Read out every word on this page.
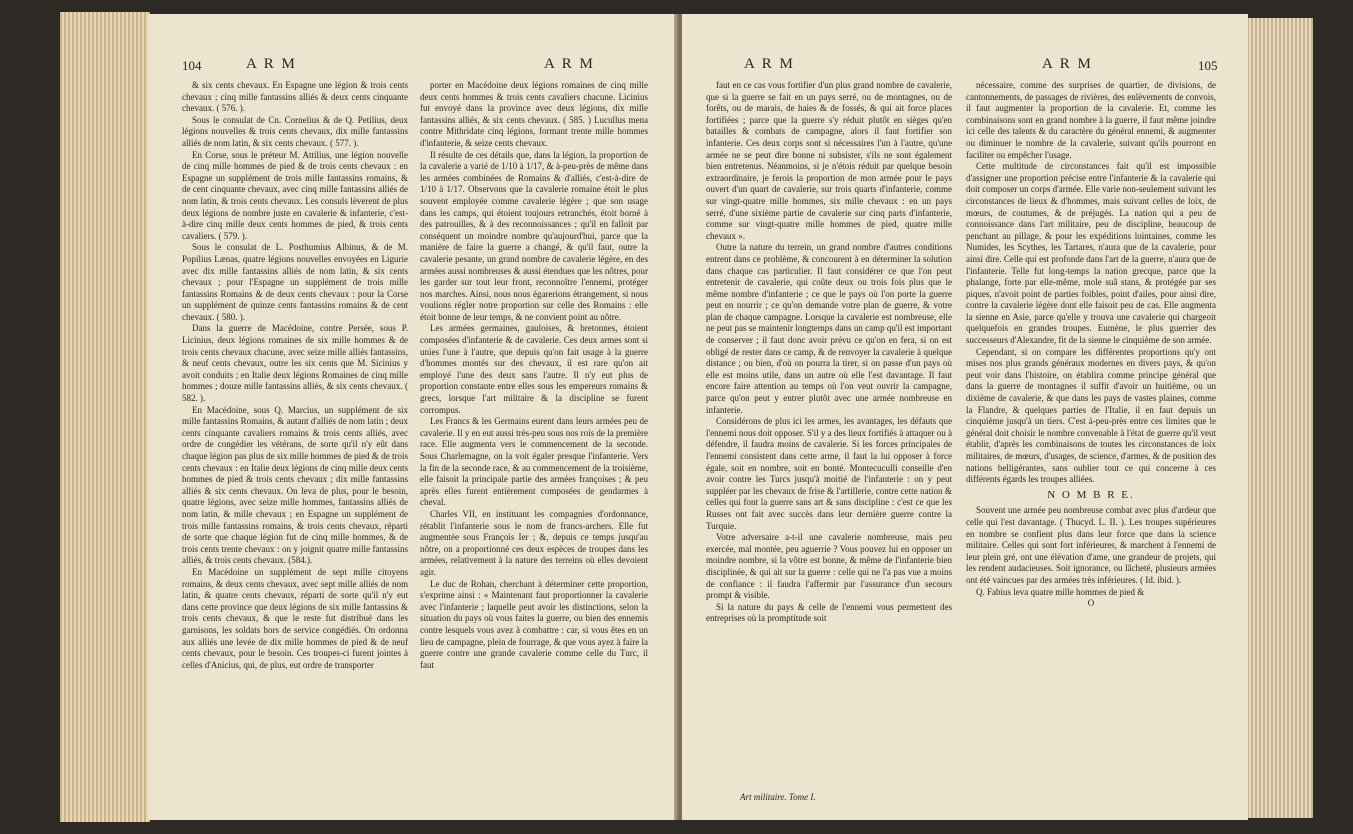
104	A R M	A R M

& six cents chevaux. En Espagne une légion & trois cents chevaux ; cinq mille fantassins alliés & deux cents cinquante chevaux. ( 576. ).

Sous le consulat de Cn. Cornelius & de Q. Petilius, deux légions nouvelles & trois cents chevaux, dix mille fantassins alliés de nom latin, & six cents chevaux. ( 577. ).

En Corse, sous le préteur M. Attilius, une légion nouvelle de cinq mille hommes de pied & de trois cents chevaux : en Espagne un supplément de trois mille fantassins romains, & de cent cinquante chevaux, avec cinq mille fantassins alliés de nom latin, & trois cents chevaux. Les consuls lèverent de plus deux légions de nombre juste en cavalerie & infanterie, c'est-à-dire cinq mille deux cents hommes de pied, & trois cents cavaliers. ( 579. ).

Sous le consulat de L. Posthumius Albinus, & de M. Popilius Lænas, quatre légions nouvelles envoyées en Ligurie avec dix mille fantassins alliés de nom latin, & six cents chevaux ; pour l'Espagne un supplément de trois mille fantassins Romains & de deux cents chevaux : pour la Corse un supplément de quinze cents fantassins romains & de cent chevaux. ( 580. ).

Dans la guerre de Macédoine, contre Persée, sous P. Licinius, deux légions romaines de six mille hommes & de trois cents chevaux chacune, avec seize mille alliés fantassins, & neuf cents chevaux, outre les six cents que M. Sicinius y avoit conduits ; en Italie deux légions Romaines de cinq mille hommes ; douze mille fantassins alliés, & six cents chevaux. ( 582. ).

En Macédoine, sous Q. Marcius, un supplément de six mille fantassins Romains, & autant d'alliés de nom latin ; deux cents cinquante cavaliers romains & trois cents alliés, avec ordre de congédier les vétérans, de sorte qu'il n'y eût dans chaque légion pas plus de six mille hommes de pied & de trois cents chevaux : en Italie deux légions de cinq mille deux cents hommes de pied & trois cents chevaux ; dix mille fantassins alliés & six cents chevaux. On leva de plus, pour le besoin, quatre légions, avec seize mille hommes, fantassins alliés de nom latin, & mille chevaux ; en Espagne un supplément de trois mille fantassins romains, & trois cents chevaux, réparti de sorte que chaque légion fut de cinq mille hommes, & de trois cents trente chevaux : on y joignit quatre mille fantassins alliés, & trois cents chevaux. (584.).

En Macédoine un supplément de sept mille citoyens romains, & deux cents chevaux, avec sept mille alliés de nom latin, & quatre cents chevaux, réparti de sorte qu'il n'y eut dans cette province que deux légions de six mille fantassins & trois cents chevaux, & que le reste fut distribué dans les garnisons, les soldats hors de service congédiés. On ordonna aux alliés une levée de dix mille hommes de pied & de neuf cents chevaux, pour le besoin. Ces troupes-ci furent jointes à celles d'Anicius, qui, de plus, eut ordre de transporter

porter en Macédoine deux légions romaines de cinq mille deux cents hommes & trois cents cavaliers chacune. Licinius fut envoyé dans la province avec deux légions, dix mille fantassins alliés, & six cents chevaux. ( 585. ) Lucullus mena contre Mithridate cinq légions, formant trente mille hommes d'infanterie, & seize cents chevaux.

Il résulte de ces détails que, dans la légion, la proportion de la cavalerie a varié de 1/10 à 1/17, & à-peu-près de même dans les armées combinées de Romains & d'alliés, c'est-à-dire de 1/10 à 1/17. Observons que la cavalerie romaine étoit le plus souvent employée comme cavalerie légère ; que son usage dans les camps, qui étoient toujours retranchés, étoit borné à des patrouilles, & à des reconnoissances ; qu'il en falloit par conséquent un moindre nombre qu'aujourd'hui, parce que la manière de faire la guerre a changé, & qu'il faut, outre la cavalerie pesante, un grand nombre de cavalerie légère, en des armées aussi nombreuses & aussi étendues que les nôtres, pour les garder sur tout leur front, reconnoître l'ennemi, protéger nos marches. Ainsi, nous nous égarerions étrangement, si nous voulions régler notre proportion sur celle des Romains : elle étoit bonne de leur temps, & ne convient point au nôtre.

Les armées germaines, gauloises, & bretonnes, étoient composées d'infanterie & de cavalerie. Ces deux armes sont si unies l'une à l'autre, que depuis qu'on fait usage à la guerre d'hommes montés sur des chevaux, il est rare qu'on ait employé l'une des deux sans l'autre. Il n'y eut plus de proportion constante entre elles sous les empereurs romains & grecs, lorsque l'art militaire & la discipline se furent corrompus.

Les Francs & les Germains eurent dans leurs armées peu de cavalerie. Il y en eut aussi très-peu sous nos rois de la première race. Elle augmenta vers le commencement de la seconde. Sous Charlemagne, on la voit égaler presque l'infanterie. Vers la fin de la seconde race, & au commencement de la troisième, elle faisoit la principale partie des armées françoises ; & peu après elles furent entièrement composées de gendarmes à cheval.

Charles VII, en instituant les compagnies d'ordonnance, rétablit l'infanterie sous le nom de francs-archers. Elle fut augmentée sous François Ier ; &, depuis ce temps jusqu'au nôtre, on a proportionné ces deux espèces de troupes dans les armées, relativement à la nature des terreins où elles devoient agir.

Le duc de Rohan, cherchant à déterminer cette proportion, s'exprime ainsi : « Maintenant faut proportionner la cavalerie avec l'infanterie ; laquelle peut avoir les distinctions, selon la situation du pays où vous faites la guerre, ou bien des ennemis contre lesquels vous avez à combattre : car, si vous êtes en un lieu de campagne, plein de fourrage, & que vous ayez à faire la guerre contre une grande cavalerie comme celle du Turc, il faut

A R M	A R M	105

faut en ce cas vous fortifier d'un plus grand nombre de cavalerie, que si la guerre se fait en un pays serré, ou de montagnes, ou de forêts, ou de marais, de haies & de fossés, & qui ait force places fortifiées ; parce que la guerre s'y réduit plutôt en sièges qu'en batailles & combats de campagne, alors il faut fortifier son infanterie. Ces deux corps sont si nécessaires l'un à l'autre, qu'une armée ne se peut dire bonne ni subsister, s'ils ne sont également bien entretenus. Néanmoins, si je n'étois réduit par quelque besoin extraordinaire, je ferois la proportion de mon armée pour le pays ouvert d'un quart de cavalerie, sur trois quarts d'infanterie, comme sur vingt-quatre mille hommes, six mille chevaux : en un pays serré, d'une sixième partie de cavalerie sur cinq parts d'infanterie, comme sur vingt-quatre mille hommes de pied, quatre mille chevaux ».

Outre la nature du terrein, un grand nombre d'autres conditions entrent dans ce problème, & concourent à en déterminer la solution dans chaque cas particulier. Il faut considérer ce que l'on peut entretenir de cavalerie, qui coûte deux ou trois fois plus que le même nombre d'infanterie ; ce que le pays où l'on porte la guerre peut en nourrir ; ce qu'on demande votre plan de guerre, & votre plan de chaque campagne. Lorsque la cavalerie est nombreuse, elle ne peut pas se maintenir longtemps dans un camp qu'il est important de conserver ; il faut donc avoir prévu ce qu'on en fera, si on est obligé de rester dans ce camp, & de renvoyer la cavalerie à quelque distance ; ou bien, d'où on pourra la tirer, si on passe d'un pays où elle est moins utile, dans un autre où elle l'est davantage. Il faut encore faire attention au temps où l'on veut ouvrir la campagne, parce qu'on peut y entrer plutôt avec une armée nombreuse en infanterie.

Considérons de plus ici les armes, les avantages, les défauts que l'ennemi nous doit opposer. S'il y a des lieux fortifiés à attaquer ou à défendre, il faudra moins de cavalerie. Si les forces principales de l'ennemi consistent dans cette arme, il faut la lui opposer à force égale, soit en nombre, soit en bonté. Montecuculli conseille d'en avoir contre les Turcs jusqu'à moitié de l'infanterie : on y peut suppléer par les chevaux de frise & l'artillerie, contre cette nation & celles qui font la guerre sans art & sans discipline : c'est ce que les Russes ont fait avec succès dans leur dernière guerre contre la Turquie.

Votre adversaire a-t-il une cavalerie nombreuse, mais peu exercée, mal montée, peu aguerrie ? Vous pouvez lui en opposer un moindre nombre, si la vôtre est bonne, & même de l'infanterie bien disciplinée, & qui ait sur la guerre : celle qui ne l'a pas vue a moins de confiance : il faudra l'affermir par l'assurance d'un secours prompt & visible.

Si la nature du pays & celle de l'ennemi vous permettent des entreprises où la promptitude soit

Art militaire. Tome I.

nécessaire, comme des surprises de quartier, de divisions, de cantonnements, de passages de rivières, des enlèvements de convois, il faut augmenter la proportion de la cavalerie. Et, comme les combinaisons sont en grand nombre à la guerre, il faut même joindre ici celle des talents & du caractère du général ennemi, & augmenter ou diminuer le nombre de la cavalerie, suivant qu'ils pourront en faciliter ou empêcher l'usage.

Cette multitude de circonstances fait qu'il est impossible d'assigner une proportion précise entre l'infanterie & la cavalerie qui doit composer un corps d'armée. Elle varie non-seulement suivant les circonstances de lieux & d'hommes, mais suivant celles de loix, de mœurs, de coutumes, & de préjugés. La nation qui a peu de connoissance dans l'art militaire, peu de discipline, beaucoup de penchant au pillage, & pour les expéditions lointaines, comme les Numides, les Scythes, les Tartares, n'aura que de la cavalerie, pour ainsi dire. Celle qui est profonde dans l'art de la guerre, n'aura que de l'infanterie. Telle fut long-temps la nation grecque, parce que la phalange, forte par elle-même, mole suâ stans, & protégée par ses piques, n'avoit point de parties foibles, point d'ailes, pour ainsi dire, contre la cavalerie légère dont elle faisoit peu de cas. Elle augmenta la sienne en Asie, parce qu'elle y trouva une cavalerie qui chargeoit quelquefois en grandes troupes. Eumène, le plus guerrier des successeurs d'Alexandre, fit de la sienne le cinquième de son armée.

Cependant, si on compare les différentes proportions qu'y ont mises nos plus grands généraux modernes en divers pays, & qu'on peut voir dans l'histoire, on établira comme principe général que dans la guerre de montagnes il suffit d'avoir un huitième, ou un dixième de cavalerie, & que dans les pays de vastes plaines, comme la Flandre, & quelques parties de l'Italie, il en faut depuis un cinquième jusqu'à un tiers. C'est à-peu-près entre ces limites que le général doit choisir le nombre convenable à l'état de guerre qu'il veut établir, d'après les combinaisons de toutes les circonstances de loix militaires, de mœurs, d'usages, de science, d'armes, & de position des nations belligérantes, sans oublier tout ce qui concerne à ces différents égards les troupes alliées.

N O M B R E.

Souvent une armée peu nombreuse combat avec plus d'ardeur que celle qui l'est davantage. ( Thucyd. L. II. ). Les troupes supérieures en nombre se confient plus dans leur force que dans la science militaire. Celles qui sont fort inférieures, & marchent à l'ennemi de leur plein gré, ont une élévation d'ame, une grandeur de projets, qui les rendent audacieuses. Soit ignorance, ou lâcheté, plusieurs armées ont été vaincues par des armées très inférieures. ( Id. ibid. ).

Q. Fabius leva quatre mille hommes de pied &

O
